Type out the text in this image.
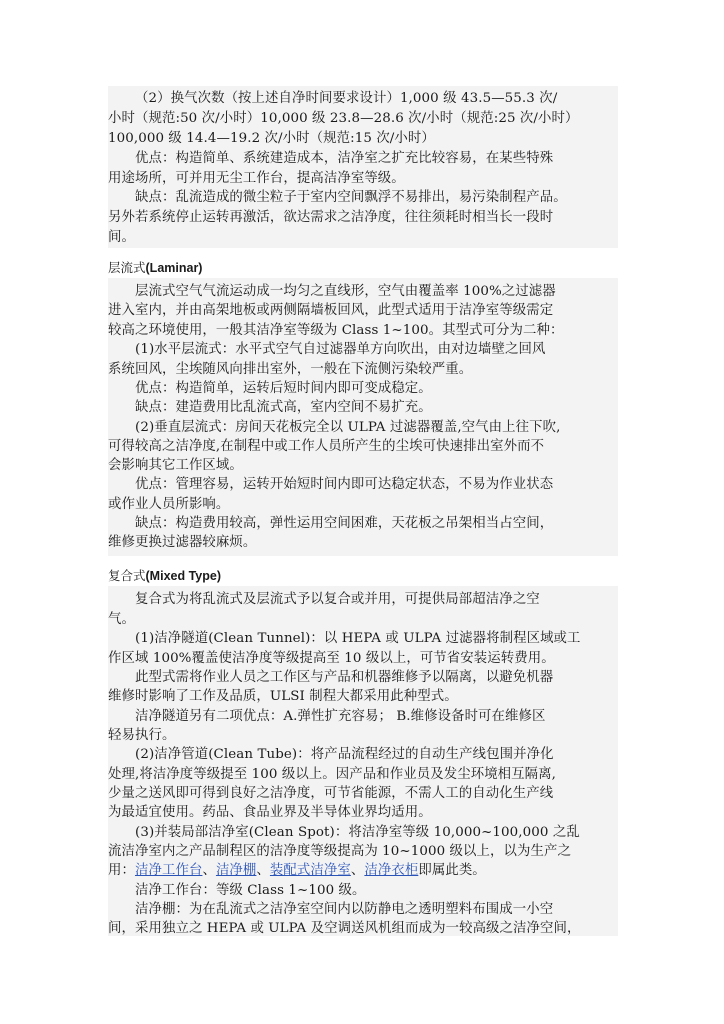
（2）换气次数（按上述自净时间要求设计）1,000 级 43.5—55.3 次/
小时（规范:50 次/小时）10,000 级 23.8—28.6 次/小时（规范:25 次/小时）
100,000 级 14.4—19.2 次/小时（规范:15 次/小时）
优点：构造简单、系统建造成本，洁净室之扩充比较容易，在某些特殊
用途场所，可并用无尘工作台，提高洁净室等级。
缺点：乱流造成的微尘粒子于室内空间飘浮不易排出，易污染制程产品。
另外若系统停止运转再激活，欲达需求之洁净度，往往须耗时相当长一段时
间。
层流式(Laminar)
层流式空气气流运动成一均匀之直线形，空气由覆盖率 100%之过滤器
进入室内，并由高架地板或两侧隔墙板回风，此型式适用于洁净室等级需定
较高之环境使用，一般其洁净室等级为 Class 1~100。其型式可分为二种：
(1)水平层流式：水平式空气自过滤器单方向吹出，由对边墙壁之回风
系统回风，尘埃随风向排出室外，一般在下流侧污染较严重。
优点：构造简单，运转后短时间内即可变成稳定。
缺点：建造费用比乱流式高，室内空间不易扩充。
(2)垂直层流式：房间天花板完全以 ULPA 过滤器覆盖,空气由上往下吹,
可得较高之洁净度,在制程中或工作人员所产生的尘埃可快速排出室外而不
会影响其它工作区域。
优点：管理容易，运转开始短时间内即可达稳定状态，不易为作业状态
或作业人员所影响。
缺点：构造费用较高，弹性运用空间困难，天花板之吊架相当占空间，
维修更换过滤器较麻烦。
复合式(Mixed Type)
复合式为将乱流式及层流式予以复合或并用，可提供局部超洁净之空
气。
(1)洁净隧道(Clean Tunnel)：以 HEPA 或 ULPA 过滤器将制程区域或工
作区域 100%覆盖使洁净度等级提高至 10 级以上，可节省安装运转费用。
此型式需将作业人员之工作区与产品和机器维修予以隔离，以避免机器
维修时影响了工作及品质，ULSI 制程大都采用此种型式。
洁净隧道另有二项优点：A.弹性扩充容易； B.维修设备时可在维修区
轻易执行。
(2)洁净管道(Clean Tube)：将产品流程经过的自动生产线包围并净化
处理,将洁净度等级提至 100 级以上。因产品和作业员及发尘环境相互隔离,
少量之送风即可得到良好之洁净度，可节省能源，不需人工的自动化生产线
为最适宜使用。药品、食品业界及半导体业界均适用。
(3)并装局部洁净室(Clean Spot)：将洁净室等级 10,000~100,000 之乱
流洁净室内之产品制程区的洁净度等级提高为 10~1000 级以上，以为生产之
用：洁净工作台、洁净棚、装配式洁净室、洁净衣柜即属此类。
洁净工作台：等级 Class 1~100 级。
洁净棚：为在乱流式之洁净室空间内以防静电之透明塑料布围成一小空
间，采用独立之 HEPA 或 ULPA 及空调送风机组而成为一较高级之洁净空间，
